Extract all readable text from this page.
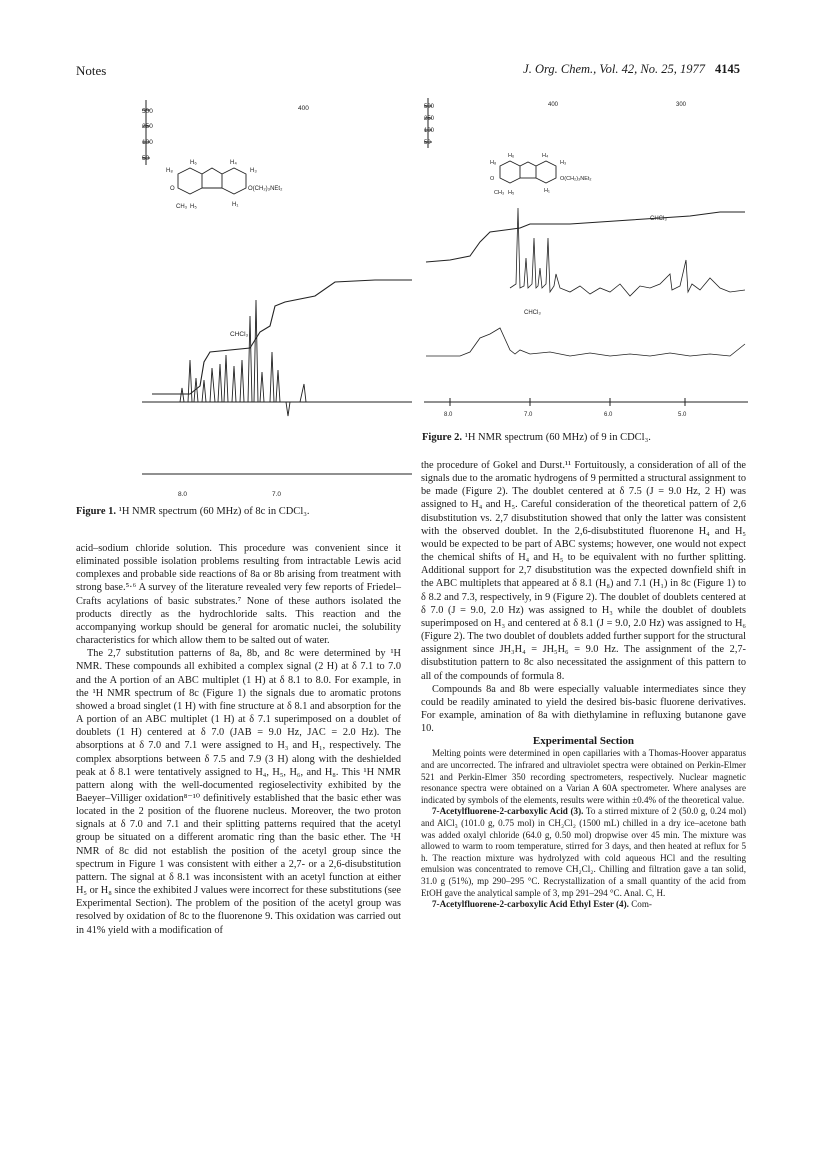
Notes	J. Org. Chem., Vol. 42, No. 25, 1977 4145
500
250
100
50
400
CHCl₃
8.0	7.0
H₈
H₆	H₄
H₃
O
CH₃ H₅	H₁
O(CH₂)₃NEt₂
Figure 1. ¹H NMR spectrum (60 MHz) of 8c in CDCl₃.
500
250
100
50
400	300
CHCl₃
CHCl₃
8.0	7.0	6.0	5.0
H₈
H₆	H₄
H₃
O
CH₃ H₅	H₁
O(CH₂)₃NEt₂
Figure 2. ¹H NMR spectrum (60 MHz) of 9 in CDCl₃.

acid–sodium chloride solution. This procedure was convenient since it eliminated possible isolation problems resulting from intractable Lewis acid complexes and probable side reactions of 8a or 8b arising from treatment with strong base.⁵·⁶ A survey of the literature revealed very few reports of Friedel–Crafts acylations of basic substrates.⁷ None of these authors isolated the products directly as the hydrochloride salts. This reaction and the accompanying workup should be general for aromatic nuclei, the solubility characteristics for which allow them to be salted out of water.

The 2,7 substitution patterns of 8a, 8b, and 8c were determined by ¹H NMR. These compounds all exhibited a complex signal (2 H) at δ 7.1 to 7.0 and the A portion of an ABC multiplet (1 H) at δ 8.1 to 8.0. For example, in the ¹H NMR spectrum of 8c (Figure 1) the signals due to aromatic protons showed a broad singlet (1 H) with fine structure at δ 8.1 and absorption for the A portion of an ABC multiplet (1 H) at δ 7.1 superimposed on a doublet of doublets (1 H) centered at δ 7.0 (JAB = 9.0 Hz, JAC = 2.0 Hz). The absorptions at δ 7.0 and 7.1 were assigned to H₃ and H₁, respectively. The complex absorptions between δ 7.5 and 7.9 (3 H) along with the deshielded peak at δ 8.1 were tentatively assigned to H₄, H₅, H₆, and H₈. This ¹H NMR pattern along with the well-documented regioselectivity exhibited by the Baeyer–Villiger oxidation⁸⁻¹⁰ definitively established that the basic ether was located in the 2 position of the fluorene nucleus. Moreover, the two proton signals at δ 7.0 and 7.1 and their splitting patterns required that the acetyl group be situated on a different aromatic ring than the basic ether. The ¹H NMR of 8c did not establish the position of the acetyl group since the spectrum in Figure 1 was consistent with either a 2,7- or a 2,6-disubstitution pattern. The signal at δ 8.1 was inconsistent with an acetyl function at either H₅ or H₈ since the exhibited J values were incorrect for these substitutions (see Experimental Section). The problem of the position of the acetyl group was resolved by oxidation of 8c to the fluorenone 9. This oxidation was carried out in 41% yield with a modification of

the procedure of Gokel and Durst.¹¹ Fortuitously, a consideration of all of the signals due to the aromatic hydrogens of 9 permitted a structural assignment to be made (Figure 2). The doublet centered at δ 7.5 (J = 9.0 Hz, 2 H) was assigned to H₄ and H₅. Careful consideration of the theoretical pattern of 2,6 disubstitution vs. 2,7 disubstitution showed that only the latter was consistent with the observed doublet. In the 2,6-disubstituted fluorenone H₄ and H₅ would be expected to be part of ABC systems; however, one would not expect the chemical shifts of H₄ and H₅ to be equivalent with no further splitting. Additional support for 2,7 disubstitution was the expected downfield shift in the ABC multiplets that appeared at δ 8.1 (H₈) and 7.1 (H₁) in 8c (Figure 1) to δ 8.2 and 7.3, respectively, in 9 (Figure 2). The doublet of doublets centered at δ 7.0 (J = 9.0, 2.0 Hz) was assigned to H₃ while the doublet of doublets superimposed on H₃ and centered at δ 8.1 (J = 9.0, 2.0 Hz) was assigned to H₆ (Figure 2). The two doublet of doublets added further support for the structural assignment since JH₃H₄ = JH₅H₆ = 9.0 Hz. The assignment of the 2,7-disubstitution pattern to 8c also necessitated the assignment of this pattern to all of the compounds of formula 8.

Compounds 8a and 8b were especially valuable intermediates since they could be readily aminated to yield the desired bis-basic fluorene derivatives. For example, amination of 8a with diethylamine in refluxing butanone gave 10.

Experimental Section

Melting points were determined in open capillaries with a Thomas-Hoover apparatus and are uncorrected. The infrared and ultraviolet spectra were obtained on Perkin-Elmer 521 and Perkin-Elmer 350 recording spectrometers, respectively. Nuclear magnetic resonance spectra were obtained on a Varian A 60A spectrometer. Where analyses are indicated by symbols of the elements, results were within ±0.4% of the theoretical value.

7-Acetylfluorene-2-carboxylic Acid (3). To a stirred mixture of 2 (50.0 g, 0.24 mol) and AlCl₃ (101.0 g, 0.75 mol) in CH₂Cl₂ (1500 mL) chilled in a dry ice–acetone bath was added oxalyl chloride (64.0 g, 0.50 mol) dropwise over 45 min. The mixture was allowed to warm to room temperature, stirred for 3 days, and then heated at reflux for 5 h. The reaction mixture was hydrolyzed with cold aqueous HCl and the resulting emulsion was concentrated to remove CH₂Cl₂. Chilling and filtration gave a tan solid, 31.0 g (51%), mp 290–295 °C. Recrystallization of a small quantity of the acid from EtOH gave the analytical sample of 3, mp 291–294 °C. Anal. C, H.

7-Acetylfluorene-2-carboxylic Acid Ethyl Ester (4). Com-
